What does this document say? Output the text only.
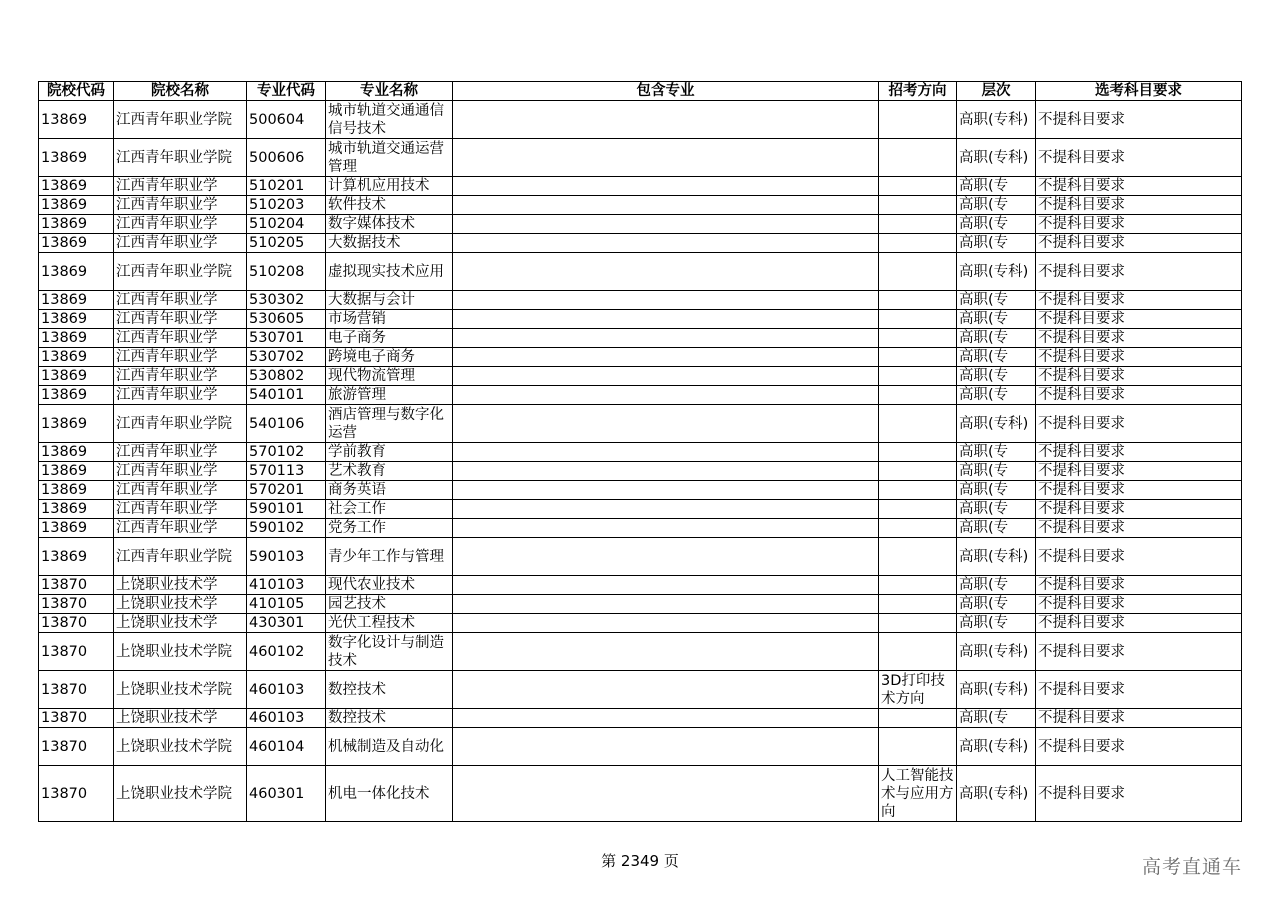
院校代码	院校名称	专业代码	专业名称	包含专业	招考方向	层次	选考科目要求

13869	江西青年职业学院	500604	城市轨道交通通信信号技术			高职(专科)	不提科目要求

13869	江西青年职业学院	500606	城市轨道交通运营管理			高职(专科)	不提科目要求

13869	江西青年职业学	510201	计算机应用技术			高职(专	不提科目要求

13869	江西青年职业学	510203	软件技术			高职(专	不提科目要求

13869	江西青年职业学	510204	数字媒体技术			高职(专	不提科目要求

13869	江西青年职业学	510205	大数据技术			高职(专	不提科目要求

13869	江西青年职业学院	510208	虚拟现实技术应用			高职(专科)	不提科目要求

13869	江西青年职业学	530302	大数据与会计			高职(专	不提科目要求

13869	江西青年职业学	530605	市场营销			高职(专	不提科目要求

13869	江西青年职业学	530701	电子商务			高职(专	不提科目要求

13869	江西青年职业学	530702	跨境电子商务			高职(专	不提科目要求

13869	江西青年职业学	530802	现代物流管理			高职(专	不提科目要求

13869	江西青年职业学	540101	旅游管理			高职(专	不提科目要求

13869	江西青年职业学院	540106	酒店管理与数字化运营			高职(专科)	不提科目要求

13869	江西青年职业学	570102	学前教育			高职(专	不提科目要求

13869	江西青年职业学	570113	艺术教育			高职(专	不提科目要求

13869	江西青年职业学	570201	商务英语			高职(专	不提科目要求

13869	江西青年职业学	590101	社会工作			高职(专	不提科目要求

13869	江西青年职业学	590102	党务工作			高职(专	不提科目要求

13869	江西青年职业学院	590103	青少年工作与管理			高职(专科)	不提科目要求

13870	上饶职业技术学	410103	现代农业技术			高职(专	不提科目要求

13870	上饶职业技术学	410105	园艺技术			高职(专	不提科目要求

13870	上饶职业技术学	430301	光伏工程技术			高职(专	不提科目要求

13870	上饶职业技术学院	460102	数字化设计与制造技术			高职(专科)	不提科目要求

13870	上饶职业技术学院	460103	数控技术		3D打印技术方向	高职(专科)	不提科目要求

13870	上饶职业技术学	460103	数控技术			高职(专	不提科目要求

13870	上饶职业技术学院	460104	机械制造及自动化			高职(专科)	不提科目要求

13870	上饶职业技术学院	460301	机电一体化技术		人工智能技术与应用方向	高职(专科)	不提科目要求
第 2349 页	高考直通车
